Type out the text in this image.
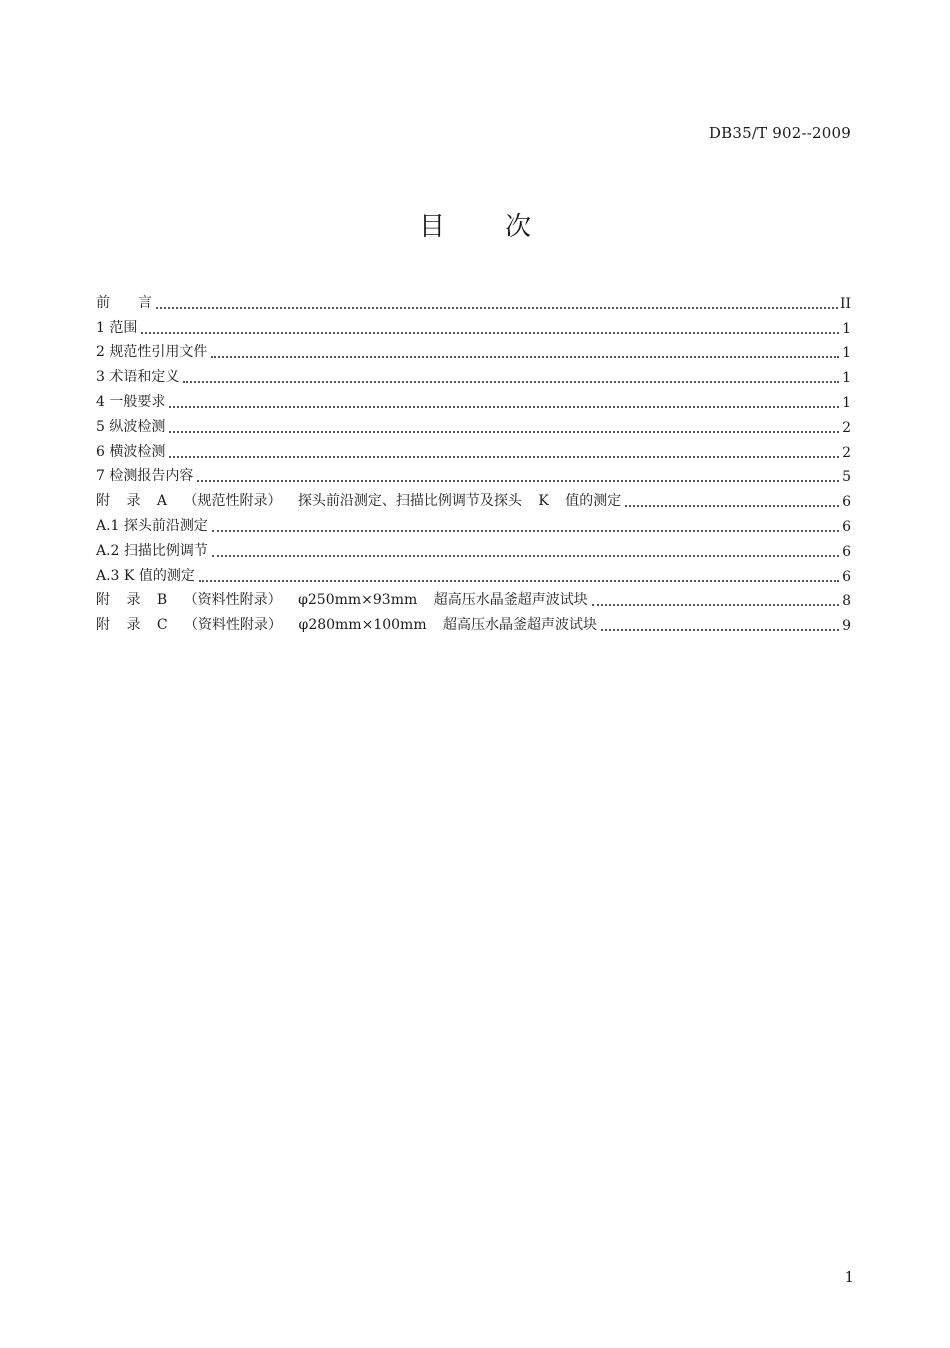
DB35/T 902--2009
目 次
前　　言	II
1 范围	1
2 规范性引用文件	1
3 术语和定义	1
4 一般要求	1
5 纵波检测	2
6 横波检测	2
7 检测报告内容	5
附 录 A （规范性附录） 探头前沿测定、扫描比例调节及探头 K 值的测定	6
A.1 探头前沿测定	6
A.2 扫描比例调节	6
A.3 K 值的测定	6
附 录 B （资料性附录） φ250mm×93mm 超高压水晶釜超声波试块	8
附 录 C （资料性附录） φ280mm×100mm 超高压水晶釜超声波试块	9
1
